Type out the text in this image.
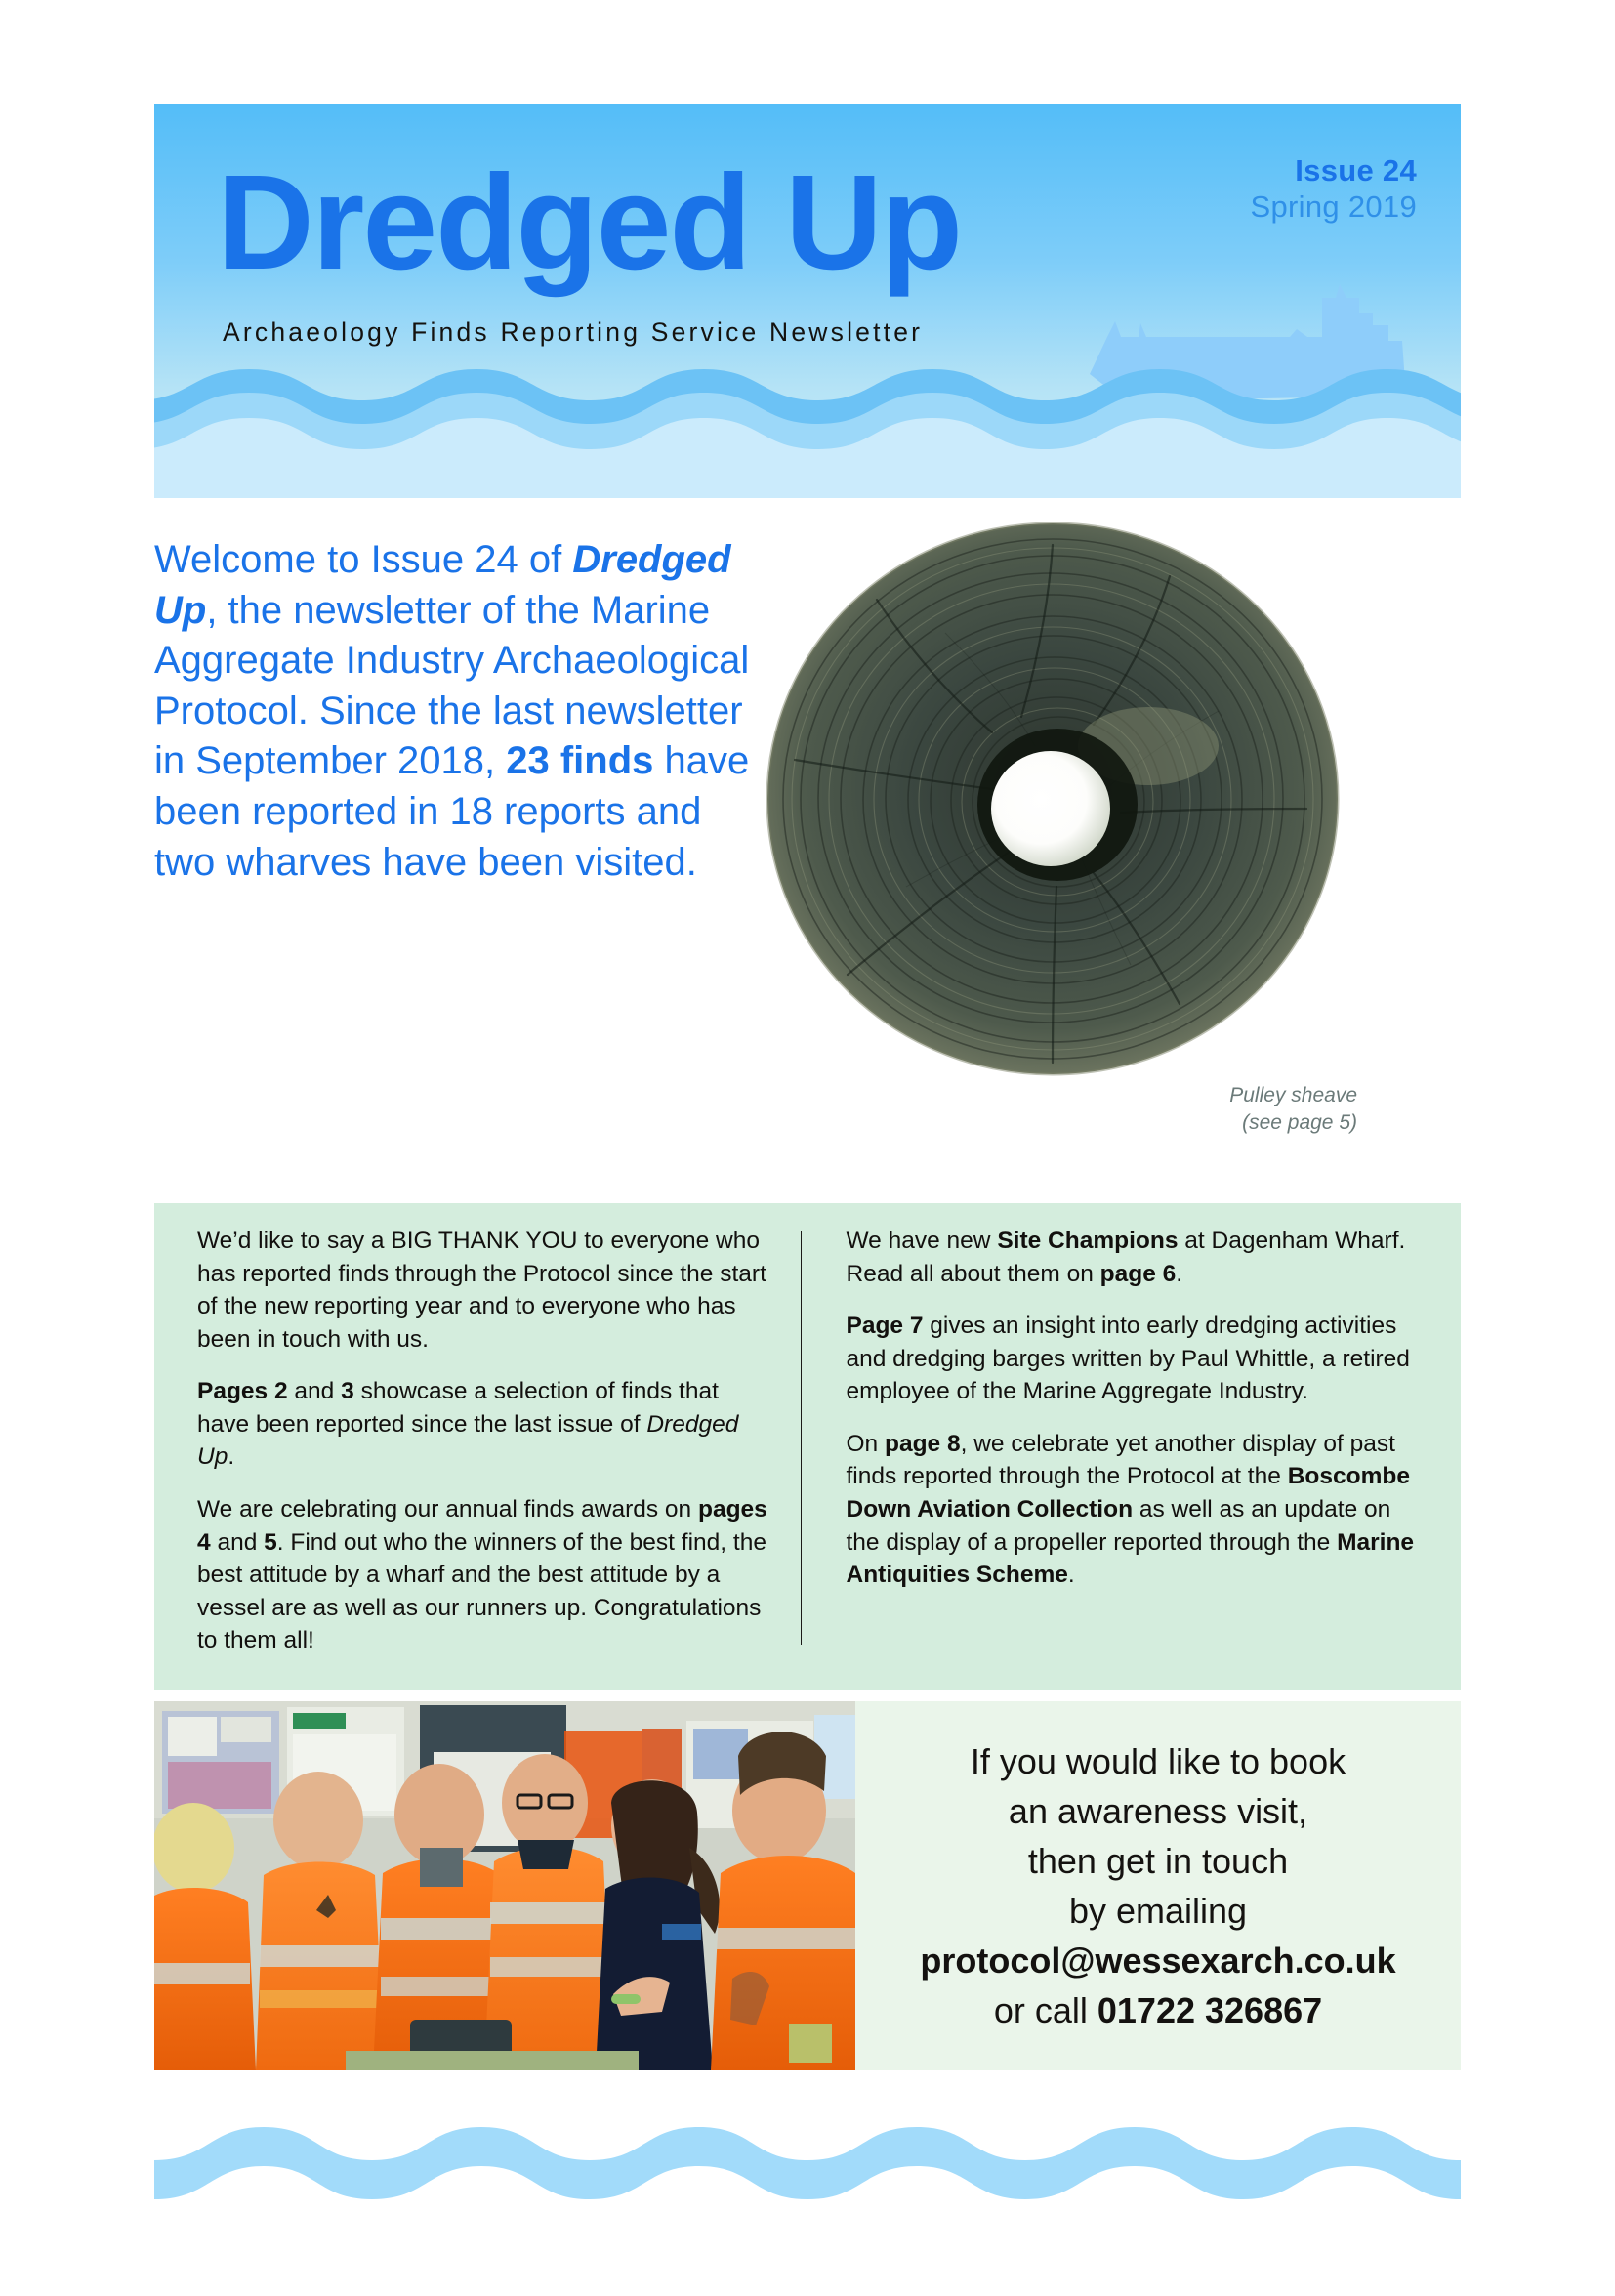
Dredged Up
Archaeology Finds Reporting Service Newsletter
Issue 24
Spring 2019
Welcome to Issue 24 of Dredged Up, the newsletter of the Marine Aggregate Industry Archaeological Protocol. Since the last newsletter in September 2018, 23 finds have been reported in 18 reports and two wharves have been visited.
Pulley sheave
(see page 5)

We’d like to say a BIG THANK YOU to everyone who has reported finds through the Protocol since the start of the new reporting year and to everyone who has been in touch with us.

Pages 2 and 3 showcase a selection of finds that have been reported since the last issue of Dredged Up.

We are celebrating our annual finds awards on pages 4 and 5. Find out who the winners of the best find, the best attitude by a wharf and the best attitude by a vessel are as well as our runners up. Congratulations to them all!

We have new Site Champions at Dagenham Wharf. Read all about them on page 6.

Page 7 gives an insight into early dredging activities and dredging barges written by Paul Whittle, a retired employee of the Marine Aggregate Industry.

On page 8, we celebrate yet another display of past finds reported through the Protocol at the Boscombe Down Aviation Collection as well as an update on the display of a propeller reported through the Marine Antiquities Scheme.

If you would like to book
an awareness visit,
then get in touch
by emailing
protocol@wessexarch.co.uk
or call 01722 326867
